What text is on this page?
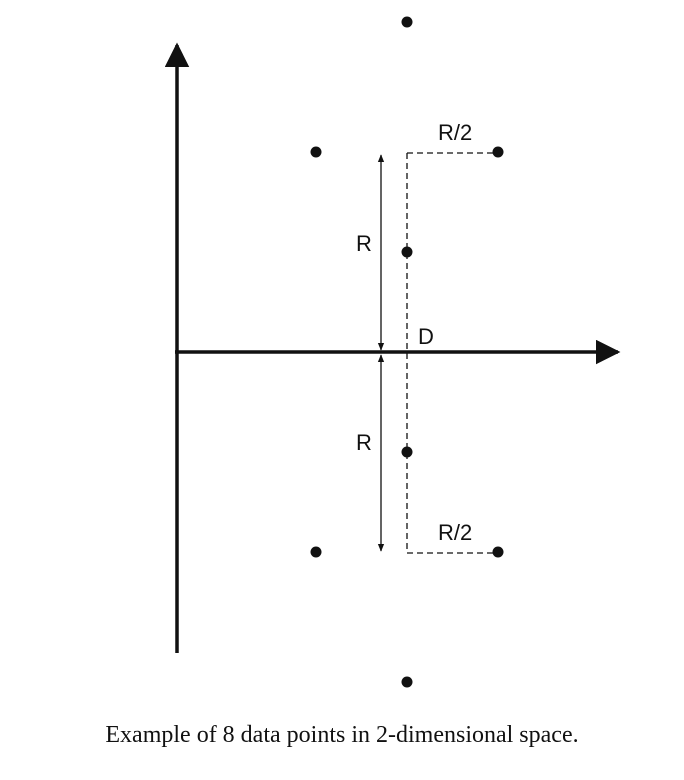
D
R
R
R/2
R/2
Example of 8 data points in 2-dimensional space.
